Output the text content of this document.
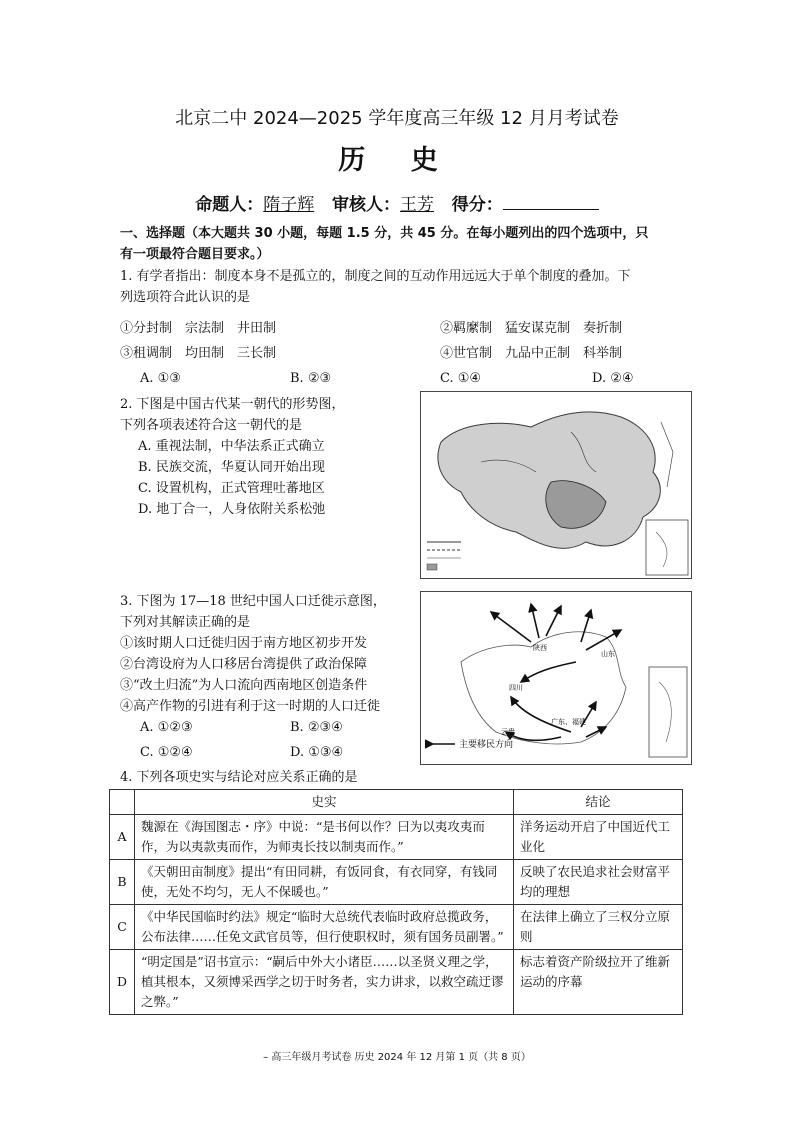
北京二中 2024—2025 学年度高三年级 12 月月考试卷
历 史
命题人：隋子辉 审核人：王芳 得分：
一、选择题（本大题共 30 小题，每题 1.5 分，共 45 分。在每小题列出的四个选项中，只
有一项最符合题目要求。）
1. 有学者指出：制度本身不是孤立的，制度之间的互动作用远远大于单个制度的叠加。下
列选项符合此认识的是
①分封制　宗法制　井田制	②羁縻制　猛安谋克制　奏折制
③租调制　均田制　三长制	④世官制　九品中正制　科举制
A. ①③	B. ②③	C. ①④	D. ②④
2. 下图是中国古代某一朝代的形势图，
下列各项表述符合这一朝代的是
A. 重视法制，中华法系正式确立
B. 民族交流，华夏认同开始出现
C. 设置机构，正式管理吐蕃地区
D. 地丁合一，人身依附关系松弛
3. 下图为 17—18 世纪中国人口迁徙示意图，
下列对其解读正确的是
①该时期人口迁徙归因于南方地区初步开发
②台湾设府为人口移居台湾提供了政治保障
③“改土归流”为人口流向西南地区创造条件
④高产作物的引进有利于这一时期的人口迁徙
A. ①②③	B. ②③④
C. ①②④	D. ①③④
陕西
山东
四川
云贵
广东、福建
主要移民方向
4. 下列各项史实与结论对应关系正确的是
	史实	结论
A	魏源在《海国图志・序》中说：“是书何以作？曰为以夷攻夷而作，为以夷款夷而作，为师夷长技以制夷而作。”	洋务运动开启了中国近代工业化
B	《天朝田亩制度》提出“有田同耕，有饭同食，有衣同穿，有钱同使，无处不均匀，无人不保暖也。”	反映了农民追求社会财富平均的理想
C	《中华民国临时约法》规定“临时大总统代表临时政府总揽政务，公布法律……任免文武官员等，但行使职权时，须有国务员副署。”	在法律上确立了三权分立原则
D	“明定国是”诏书宣示：“嗣后中外大小诸臣……以圣贤义理之学，植其根本，又须博采西学之切于时务者，实力讲求，以救空疏迂谬之弊。”	标志着资产阶级拉开了维新运动的序幕
– 高三年级月考试卷 历史 2024 年 12 月第 1 页（共 8 页）
